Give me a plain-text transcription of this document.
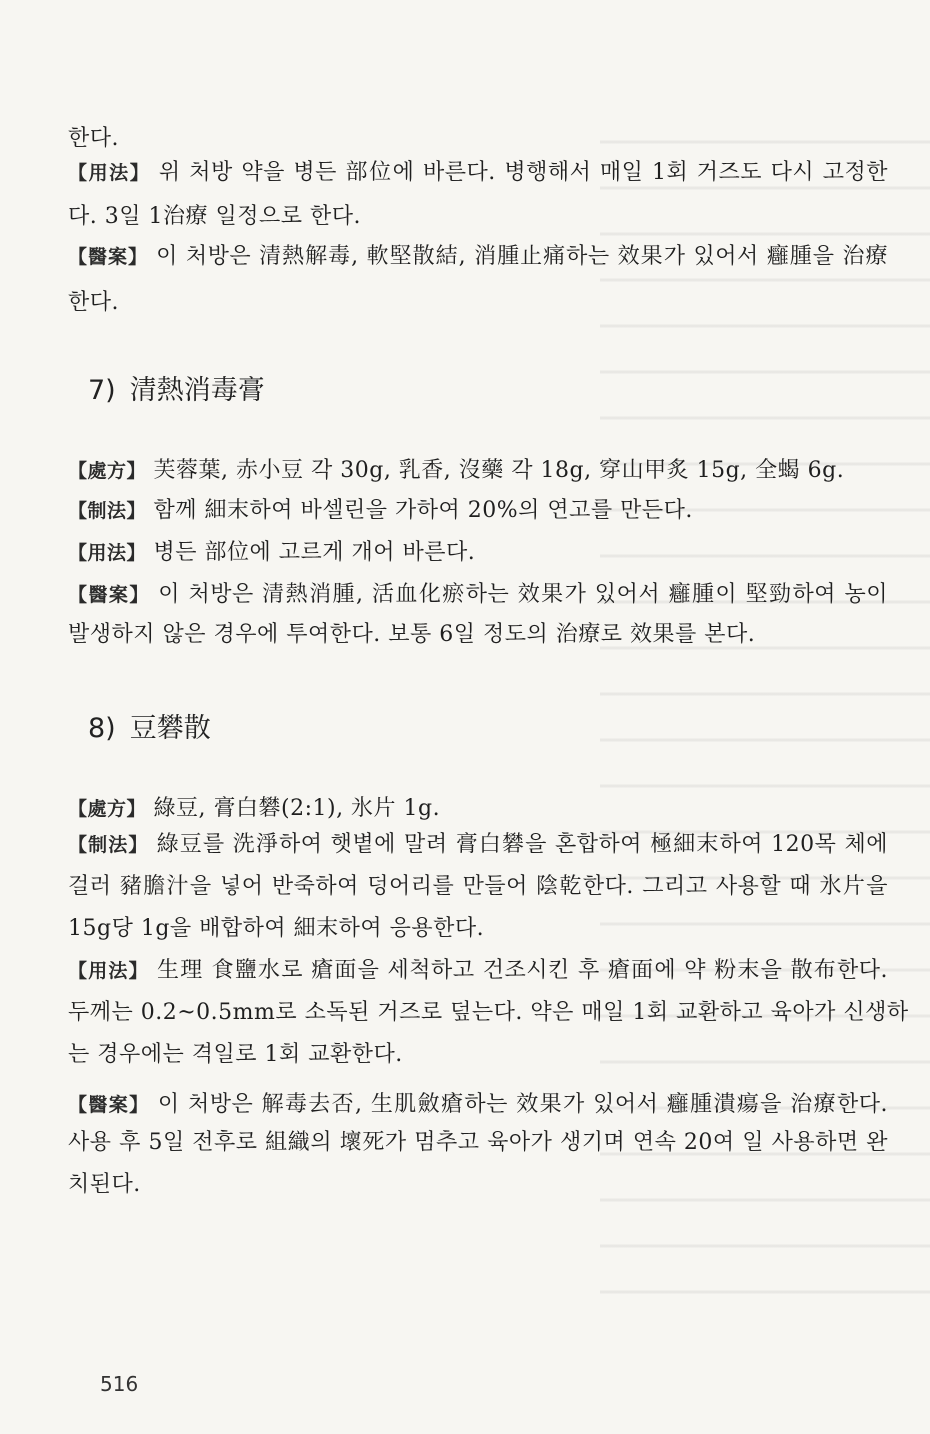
한다.
【用法】 위 처방 약을 병든 部位에 바른다. 병행해서 매일 1회 거즈도 다시 고정한
다. 3일 1治療 일정으로 한다.
【醫案】 이 처방은 清熱解毒, 軟堅散結, 消腫止痛하는 效果가 있어서 癰腫을 治療
한다.
7) 清熱消毒膏
【處方】 芙蓉葉, 赤小豆 각 30g, 乳香, 沒藥 각 18g, 穿山甲炙 15g, 全蝎 6g.
【制法】 함께 細末하여 바셀린을 가하여 20%의 연고를 만든다.
【用法】 병든 部位에 고르게 개어 바른다.
【醫案】 이 처방은 清熱消腫, 活血化瘀하는 效果가 있어서 癰腫이 堅勁하여 농이
발생하지 않은 경우에 투여한다. 보통 6일 정도의 治療로 效果를 본다.
8) 豆礬散
【處方】 綠豆, 膏白礬(2:1), 氷片 1g.
【制法】 綠豆를 洗淨하여 햇볕에 말려 膏白礬을 혼합하여 極細末하여 120목 체에
걸러 豬膽汁을 넣어 반죽하여 덩어리를 만들어 陰乾한다. 그리고 사용할 때 氷片을
15g당 1g을 배합하여 細末하여 응용한다.
【用法】 生理 食鹽水로 瘡面을 세척하고 건조시킨 후 瘡面에 약 粉末을 散布한다.
두께는 0.2~0.5mm로 소독된 거즈로 덮는다. 약은 매일 1회 교환하고 육아가 신생하
는 경우에는 격일로 1회 교환한다.
【醫案】 이 처방은 解毒去否, 生肌斂瘡하는 效果가 있어서 癰腫潰瘍을 治療한다.
사용 후 5일 전후로 組織의 壞死가 멈추고 육아가 생기며 연속 20여 일 사용하면 완
치된다.
516
